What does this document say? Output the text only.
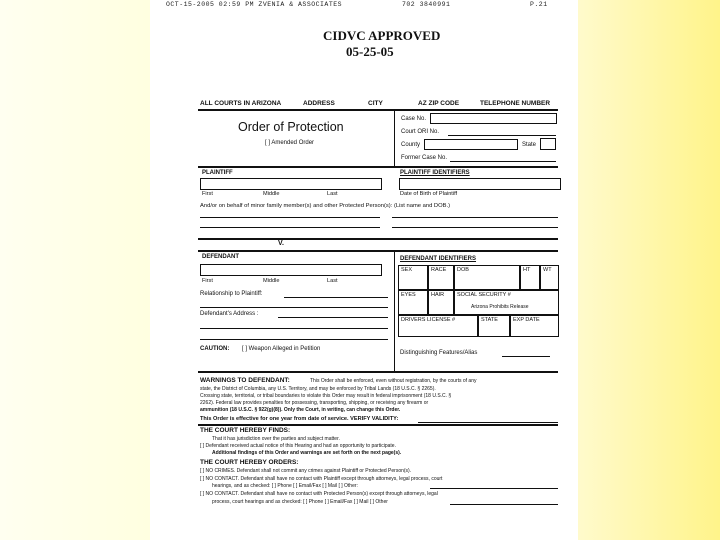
OCT-15-2005 02:59 PM ZVENIA & ASSOCIATES	702 3840991	P.21
CIDVC APPROVED
05-25-05
ALL COURTS IN ARIZONA	ADDRESS	CITY	AZ ZIP CODE	TELEPHONE NUMBER
Order of Protection
[ ] Amended Order
Case No.
Court ORI No.
County	State
Former Case No.
PLAINTIFF
First	Middle	Last
PLAINTIFF IDENTIFIERS
Date of Birth of Plaintiff
And/or on behalf of minor family member(s) and other Protected Person(s): (List name and DOB.)
V.
DEFENDANT
First	Middle	Last
Relationship to Plaintiff:
Defendant's Address :
CAUTION: [ ] Weapon Alleged in Petition
DEFENDANT IDENTIFIERS
SEX	RACE	DOB	HT	WT
EYES	HAIR	SOCIAL SECURITY #
Arizona Prohibits Release
DRIVERS LICENSE #	STATE	EXP DATE
Distinguishing Features/Alias
WARNINGS TO DEFENDANT:	This Order shall be enforced, even without registration, by the courts of any
state, the District of Columbia, any U.S. Territory, and may be enforced by Tribal Lands (18 U.S.C. § 2265).
Crossing state, territorial, or tribal boundaries to violate this Order may result in federal imprisonment (18 U.S.C. §
2262). Federal law provides penalties for possessing, transporting, shipping, or receiving any firearm or
ammunition (18 U.S.C. § 922(g)(8)). Only the Court, in writing, can change this Order.
This Order is effective for one year from date of service. VERIFY VALIDITY:
THE COURT HEREBY FINDS:
That it has jurisdiction over the parties and subject matter.
[ ] Defendant received actual notice of this Hearing and had an opportunity to participate.
Additional findings of this Order and warnings are set forth on the next page(s).
THE COURT HEREBY ORDERS:
[ ] NO CRIMES. Defendant shall not commit any crimes against Plaintiff or Protected Person(s).
[ ] NO CONTACT. Defendant shall have no contact with Plaintiff except through attorneys, legal process, court
hearings, and as checked: [ ] Phone [ ] Email/Fax [ ] Mail [ ] Other:
[ ] NO CONTACT. Defendant shall have no contact with Protected Person(s) except through attorneys, legal
process, court hearings and as checked: [ ] Phone [ ] Email/Fax [ ] Mail [ ] Other
